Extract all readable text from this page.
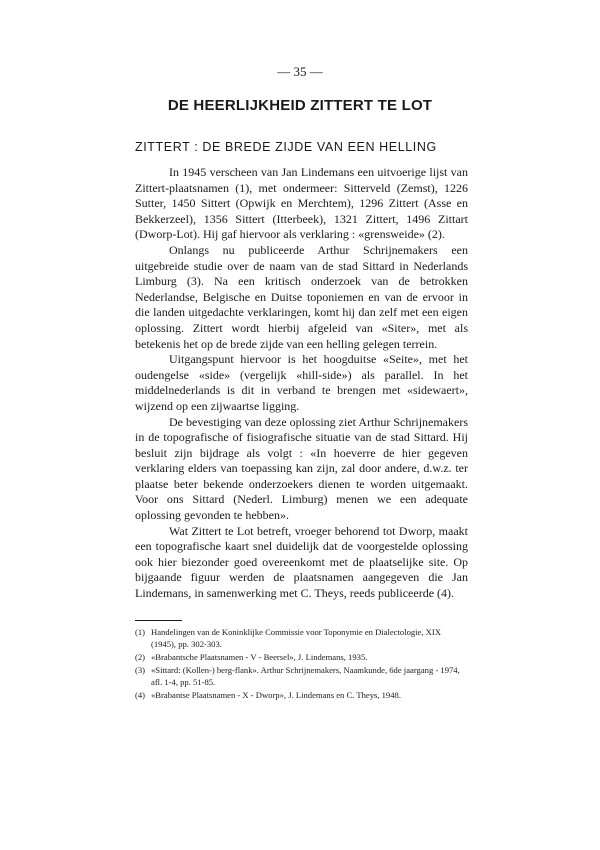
— 35 —
DE HEERLIJKHEID ZITTERT TE LOT
ZITTERT : DE BREDE ZIJDE VAN EEN HELLING

In 1945 verscheen van Jan Lindemans een uitvoerige lijst van Zittert-plaatsnamen (1), met ondermeer: Sitterveld (Zemst), 1226 Sutter, 1450 Sittert (Opwijk en Merchtem), 1296 Zittert (Asse en Bekkerzeel), 1356 Sittert (Itterbeek), 1321 Zittert, 1496 Zittart (Dworp-Lot). Hij gaf hiervoor als verklaring : «grensweide» (2).

Onlangs nu publiceerde Arthur Schrijnemakers een uitgebreide studie over de naam van de stad Sittard in Nederlands Limburg (3). Na een kritisch onderzoek van de betrokken Nederlandse, Belgische en Duitse toponiemen en van de ervoor in die landen uitgedachte verklaringen, komt hij dan zelf met een eigen oplossing. Zittert wordt hierbij afgeleid van «Siter», met als betekenis het op de brede zijde van een helling gelegen terrein.

Uitgangspunt hiervoor is het hoogduitse «Seite», met het oudengelse «side» (vergelijk «hill-side») als parallel. In het middelnederlands is dit in verband te brengen met «sidewaert», wijzend op een zijwaartse ligging.

De bevestiging van deze oplossing ziet Arthur Schrijnemakers in de topografische of fisiografische situatie van de stad Sittard. Hij besluit zijn bijdrage als volgt : «In hoeverre de hier gegeven verklaring elders van toepassing kan zijn, zal door andere, d.w.z. ter plaatse beter bekende onderzoekers dienen te worden uitgemaakt. Voor ons Sittard (Nederl. Limburg) menen we een adequate oplossing gevonden te hebben».

Wat Zittert te Lot betreft, vroeger behorend tot Dworp, maakt een topografische kaart snel duidelijk dat de voorgestelde oplossing ook hier biezonder goed overeenkomt met de plaatselijke site. Op bijgaande figuur werden de plaatsnamen aangegeven die Jan Lindemans, in samenwerking met C. Theys, reeds publiceerde (4).

(1) Handelingen van de Koninklijke Commissie voor Toponymie en Dialectologie, XIX (1945), pp. 302-303.
(2) «Brabantsche Plaatsnamen - V - Beersel», J. Lindemans, 1935.
(3) «Sittard: (Kollen-) berg-flank». Arthur Schrijnemakers, Naamkunde, 6de jaargang - 1974, afl. 1-4, pp. 51-85.
(4) «Brabantse Plaatsnamen - X - Dworp», J. Lindemans en C. Theys, 1948.
